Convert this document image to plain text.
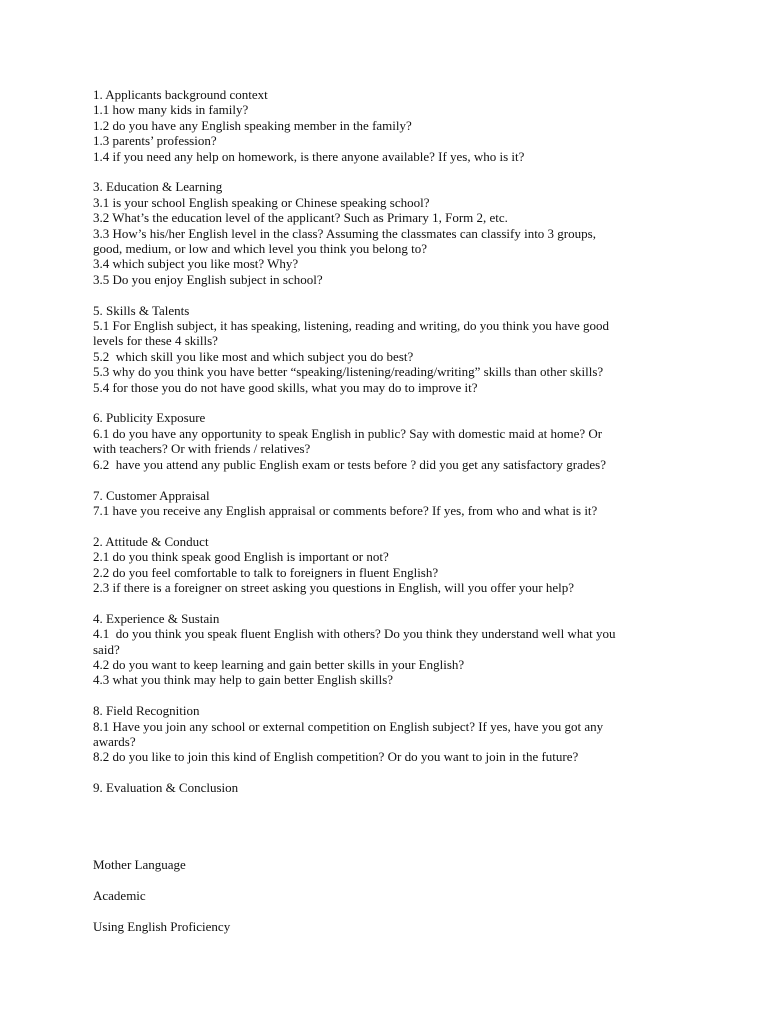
1. Applicants background context
1.1 how many kids in family?
1.2 do you have any English speaking member in the family?
1.3 parents’ profession?
1.4 if you need any help on homework, is there anyone available? If yes, who is it?
3. Education & Learning
3.1 is your school English speaking or Chinese speaking school?
3.2 What’s the education level of the applicant? Such as Primary 1, Form 2, etc.
3.3 How’s his/her English level in the class? Assuming the classmates can classify into 3 groups,
good, medium, or low and which level you think you belong to?
3.4 which subject you like most? Why?
3.5 Do you enjoy English subject in school?
5. Skills & Talents
5.1 For English subject, it has speaking, listening, reading and writing, do you think you have good
levels for these 4 skills?
5.2  which skill you like most and which subject you do best?
5.3 why do you think you have better “speaking/listening/reading/writing” skills than other skills?
5.4 for those you do not have good skills, what you may do to improve it?
6. Publicity Exposure
6.1 do you have any opportunity to speak English in public? Say with domestic maid at home? Or
with teachers? Or with friends / relatives?
6.2  have you attend any public English exam or tests before ? did you get any satisfactory grades?
7. Customer Appraisal
7.1 have you receive any English appraisal or comments before? If yes, from who and what is it?
2. Attitude & Conduct
2.1 do you think speak good English is important or not?
2.2 do you feel comfortable to talk to foreigners in fluent English?
2.3 if there is a foreigner on street asking you questions in English, will you offer your help?
4. Experience & Sustain
4.1  do you think you speak fluent English with others? Do you think they understand well what you
said?
4.2 do you want to keep learning and gain better skills in your English?
4.3 what you think may help to gain better English skills?
8. Field Recognition
8.1 Have you join any school or external competition on English subject? If yes, have you got any
awards?
8.2 do you like to join this kind of English competition? Or do you want to join in the future?
9. Evaluation & Conclusion
Mother Language
Academic
Using English Proficiency
